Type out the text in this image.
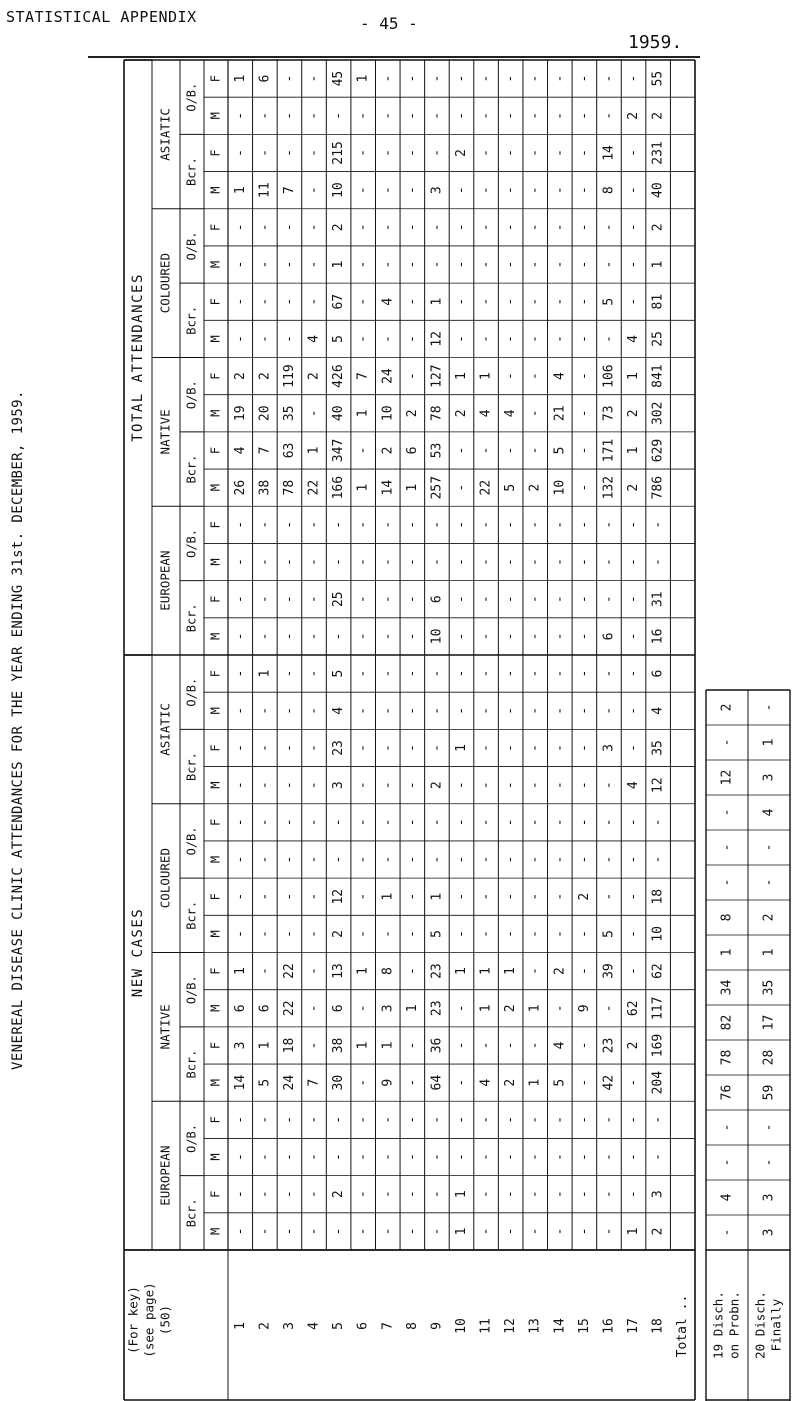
STATISTICAL APPENDIX	- 45 -
1959.
VENEREAL DISEASE CLINIC ATTENDANCES FOR THE YEAR ENDING 31st. DECEMBER, 1959.
M - - - - - - - - - 1 - - - - - - 1 2
F - - - - 2 - - - - 1 - - - - - - - 3
M - - - - - - - - - - - - - - - - - -
F - - - - - - - - - - - - - - - - - -
M 14 5 24 7 30 - 9 - 64 - 4 2 1 5 - 42 - 204
F 3 1 18 - 38 1 1 - 36 - - - - 4 - 23 2 169
M 6 6 22 - 6 - 3 1 23 - 1 2 1 - 9 - 62 117
F 1 - 22 - 13 1 8 - 23 1 1 1 - 2 - 39 - 62
M - - - - 2 - - - 5 - - - - - - 5 - 10
F - - - - 12 - 1 - 1 - - - - - 2 - - 18
M - - - - - - - - - - - - - - - - - -
F - - - - - - - - - - - - - - - - - -
M - - - - 3 - - - 2 - - - - - - - 4 12
F - - - - 23 - - - - 1 - - - - - 3 - 35
M - - - - 4 - - - - - - - - - - - - 4
F - 1 - - 5 - - - - - - - - - - - - 6
M - - - - - - - - 10 - - - - - - 6 - 16
F - - - - 25 - - - 6 - - - - - - - - 31
M - - - - - - - - - - - - - - - - - -
F - - - - - - - - - - - - - - - - - -
M 26 38 78 22 166 1 14 1 257 - 22 5 2 10 - 132 2 786
F 4 7 63 1 347 - 2 6 53 - - - - 5 - 171 1 629
M 19 20 35 - 40 1 10 2 78 2 4 4 - 21 - 73 2 302
F 2 2 119 2 426 7 24 - 127 1 1 - - 4 - 106 1 841
M - - - 4 5 - - - 12 - - - - - - - 4 25
F - - - - 67 - 4 - 1 - - - - - - 5 - 81
M - - - - 1 - - - - - - - - - - - - 1
F - - - - 2 - - - - - - - - - - - - 2
M 1 11 7 - 10 - - - 3 - - - - - - 8 - 40
F - - - - 215 - - - - 2 - - - - - 14 - 231
M - - - - - - - - - - - - - - - - 2 2
F 1 6 - - 45 1 - - - - - - - - - - - 55
Bcr.
O/B.
Bcr.
O/B.
Bcr.
O/B.
Bcr.
O/B.
Bcr.
O/B.
Bcr.
O/B.
Bcr.
O/B.
Bcr.
O/B.
EUROPEAN
NATIVE
COLOURED
ASIATIC
EUROPEAN
NATIVE
COLOURED
ASIATIC
NEW CASES
TOTAL ATTENDANCES
(For key) (see page) (50)	1 2 3 4 5 6 7 8 9 10 11 12 13 14 15 16 17 18 Total ..
- 3
4 3
- -
- -
76 59
78 28
82 17
34 35
1 1
8 2
- -
- -
- 4
12 3
- 1
2 -
19 Disch. on Probn. 20 Disch. Finally
